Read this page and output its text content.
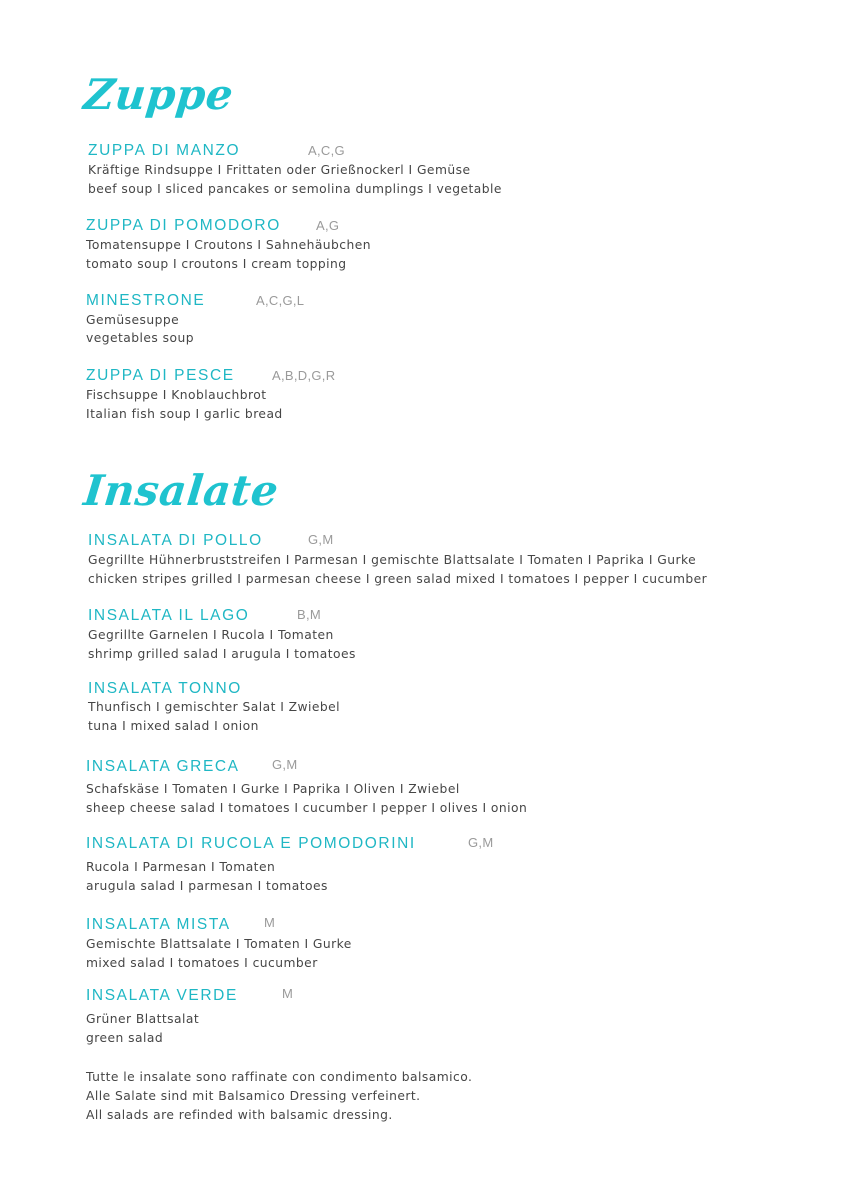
Zuppe
ZUPPA DI MANZO	A,C,G
Kräftige Rindsuppe I Frittaten oder Grießnockerl I Gemüse
beef soup I sliced pancakes or semolina dumplings I vegetable
ZUPPA DI POMODORO	A,G
Tomatensuppe I Croutons I Sahnehäubchen
tomato soup I croutons I cream topping
MINESTRONE	A,C,G,L
Gemüsesuppe
vegetables soup
ZUPPA DI PESCE	A,B,D,G,R
Fischsuppe I Knoblauchbrot
Italian fish soup I garlic bread
Insalate
INSALATA DI POLLO	G,M
Gegrillte Hühnerbruststreifen I Parmesan I gemischte Blattsalate I Tomaten I Paprika I Gurke
chicken stripes grilled I parmesan cheese I green salad mixed I tomatoes I pepper I cucumber
INSALATA IL LAGO	B,M
Gegrillte Garnelen I Rucola I Tomaten
shrimp grilled salad I arugula I tomatoes
INSALATA TONNO
Thunfisch I gemischter Salat I Zwiebel
tuna I mixed salad I onion
INSALATA GRECA G,M
Schafskäse I Tomaten I Gurke I Paprika I Oliven I Zwiebel
sheep cheese salad I tomatoes I cucumber I pepper I olives I onion
INSALATA DI RUCOLA E POMODORINI	G,M
Rucola I Parmesan I Tomaten
arugula salad I parmesan I tomatoes
INSALATA MISTA	M
Gemischte Blattsalate I Tomaten I Gurke
mixed salad I tomatoes I cucumber
INSALATA VERDE	M
Grüner Blattsalat
green salad
Tutte le insalate sono raffinate con condimento balsamico.
Alle Salate sind mit Balsamico Dressing verfeinert.
All salads are refinded with balsamic dressing.
